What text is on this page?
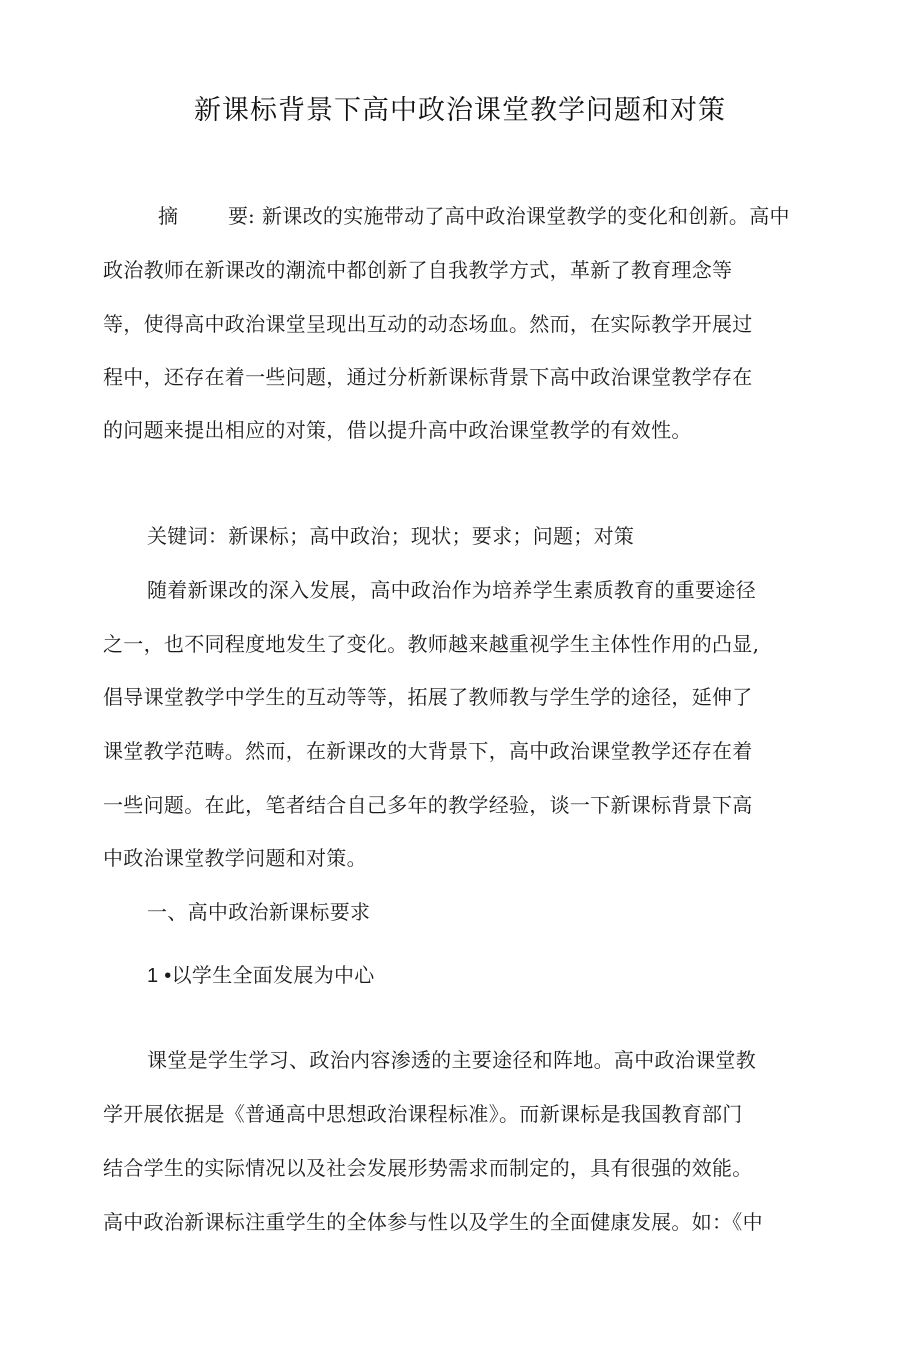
新课标背景下高中政治课堂教学问题和对策
摘	要: 新课改的实施带动了高中政治课堂教学的变化和创新。高中
政治教师在新课改的潮流中都创新了自我教学方式，革新了教育理念等
等，使得高中政治课堂呈现出互动的动态场血。然而，在实际教学开展过
程中，还存在着一些问题，通过分析新课标背景下高中政治课堂教学存在
的问题来提出相应的对策，借以提升高中政治课堂教学的有效性。
关键词：新课标；高中政治；现状；要求；问题；对策
随着新课改的深入发展，高中政治作为培养学生素质教育的重要途径
之一，也不同程度地发生了变化。教师越来越重视学生主体性作用的凸显,
倡导课堂教学中学生的互动等等，拓展了教师教与学生学的途径，延伸了
课堂教学范畴。然而，在新课改的大背景下，高中政治课堂教学还存在着
一些问题。在此，笔者结合自己多年的教学经验，谈一下新课标背景下高
中政治课堂教学问题和对策。
一、高中政治新课标要求
1 •以学生全面发展为中心
课堂是学生学习、政治内容渗透的主要途径和阵地。高中政治课堂教
学开展依据是《普通高中思想政治课程标准》。而新课标是我国教育部门
结合学生的实际情况以及社会发展形势需求而制定的，具有很强的效能。
高中政治新课标注重学生的全体参与性以及学生的全面健康发展。如：《中
